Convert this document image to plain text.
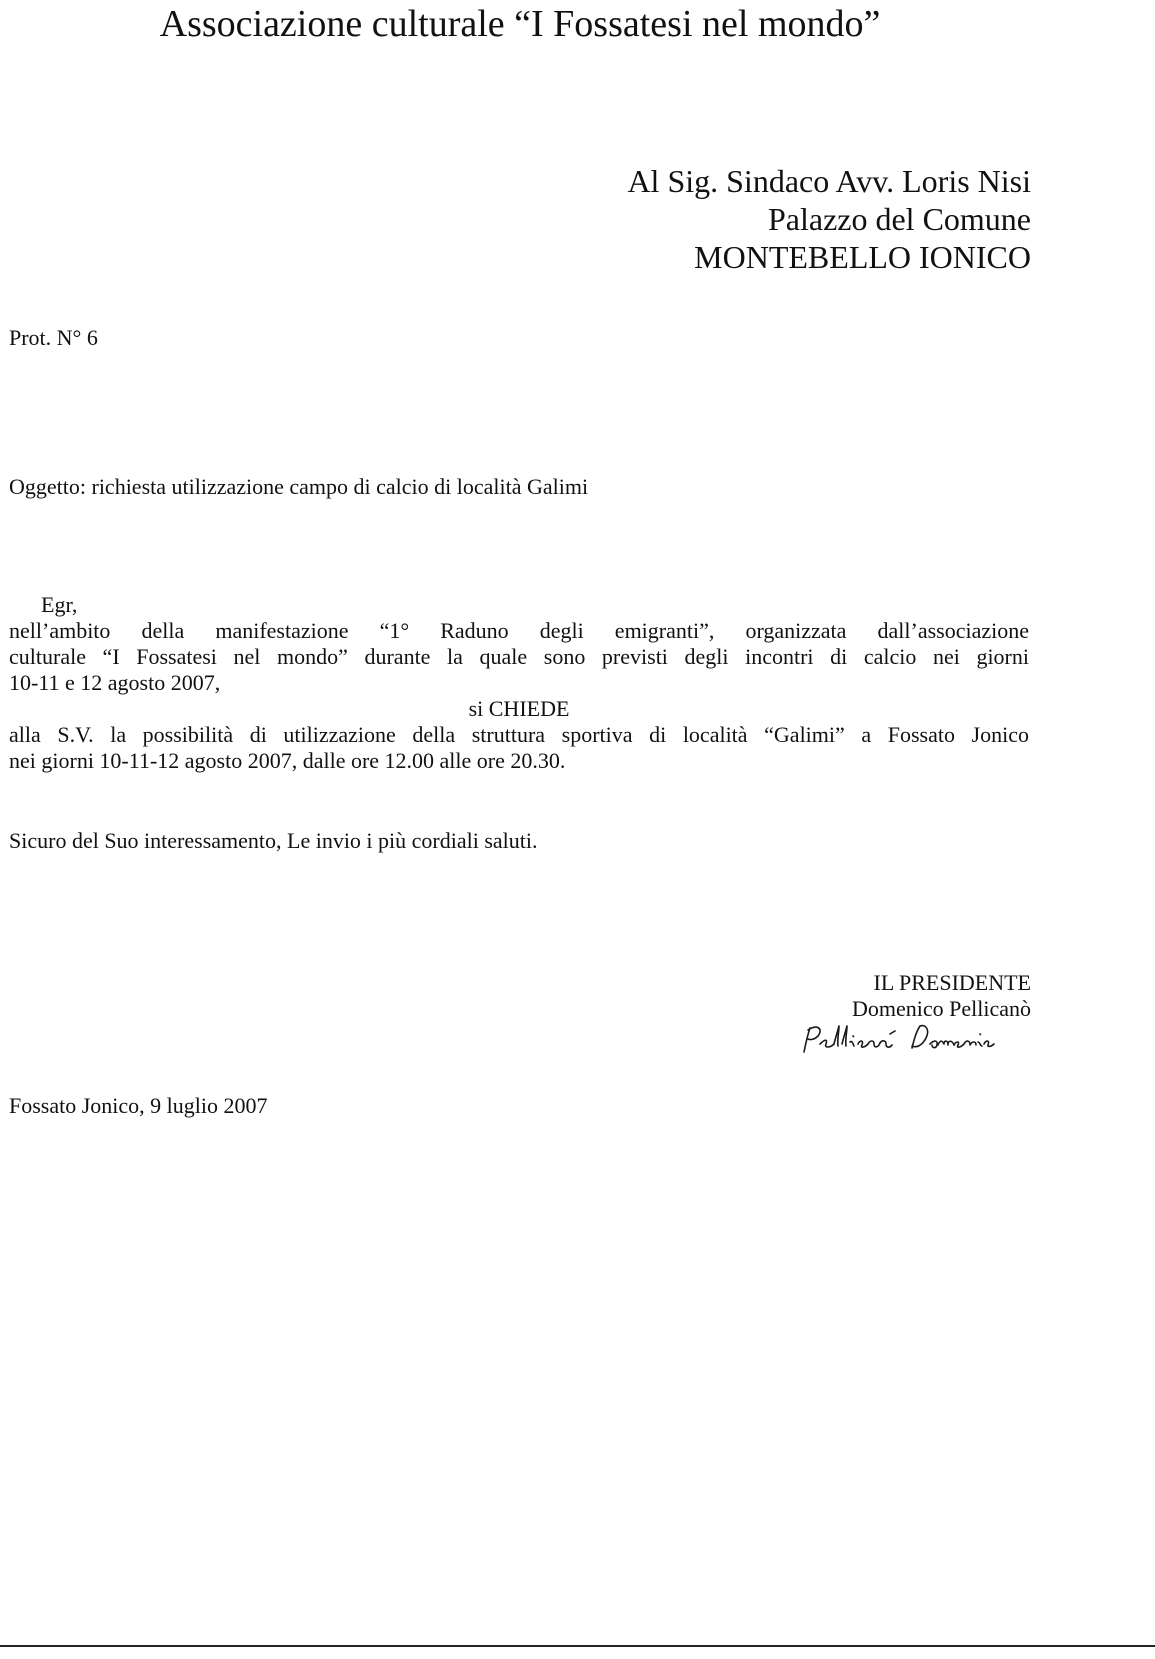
Associazione culturale “I Fossatesi nel mondo”
Al Sig. Sindaco Avv. Loris Nisi
Palazzo del Comune
MONTEBELLO IONICO
Prot. N° 6
Oggetto: richiesta utilizzazione campo di calcio di località Galimi
Egr,
nell’ambito della manifestazione “1° Raduno degli emigranti”, organizzata dall’associazione
culturale “I Fossatesi nel mondo” durante la quale sono previsti degli incontri di calcio nei giorni
10-11 e 12 agosto 2007,
si CHIEDE
alla S.V. la possibilità di utilizzazione della struttura sportiva di località “Galimi” a Fossato Jonico
nei giorni 10-11-12 agosto 2007, dalle ore 12.00 alle ore 20.30.
Sicuro del Suo interessamento, Le invio i più cordiali saluti.
IL PRESIDENTE
Domenico Pellicanò
Fossato Jonico, 9 luglio 2007
